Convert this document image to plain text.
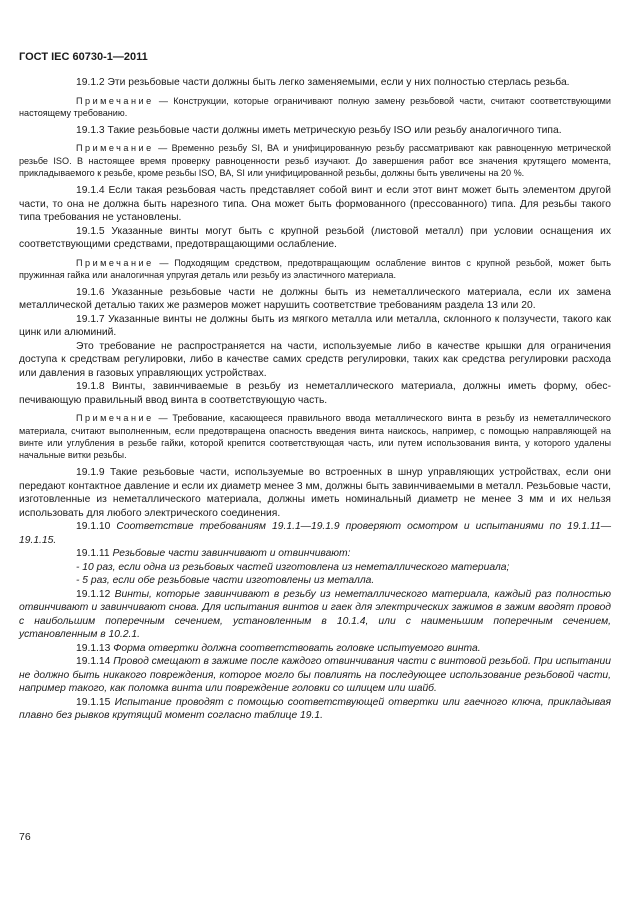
ГОСТ IEC 60730-1—2011

19.1.2 Эти резьбовые части должны быть легко заменяемыми, если у них полностью стерлась резьба.

Примечание — Конструкции, которые ограничивают полную замену резьбовой части, считают соответствующими настоящему требованию.

19.1.3 Такие резьбовые части должны иметь метрическую резьбу ISO или резьбу аналогичного типа.

Примечание — Временно резьбу SI, ВА и унифицированную резьбу рассматривают как равноценную метрической резьбе ISO. В настоящее время проверку равноценности резьб изучают. До завершения работ все значения крутящего момента, прикладываемого к резьбе, кроме резьбы ISO, ВА, SI или унифицированной резьбы, должны быть увеличены на 20 %.

19.1.4 Если такая резьбовая часть представляет собой винт и если этот винт может быть элементом другой части, то она не должна быть нарезного типа. Она может быть формованного (прессованного) типа. Для резьбы такого типа требования не установлены.

19.1.5 Указанные винты могут быть с крупной резьбой (листовой металл) при условии оснащения их соответствующими средствами, предотвращающими ослабление.

Примечание — Подходящим средством, предотвращающим ослабление винтов с крупной резьбой, может быть пружинная гайка или аналогичная упругая деталь или резьбу из эластичного материала.

19.1.6 Указанные резьбовые части не должны быть из неметаллического материала, если их замена металлической деталью таких же размеров может нарушить соответствие требованиям раздела 13 или 20.

19.1.7 Указанные винты не должны быть из мягкого металла или металла, склонного к ползучести, такого как цинк или алюминий.

Это требование не распространяется на части, используемые либо в качестве крышки для ограничения доступа к средствам регулировки, либо в качестве самих средств регулировки, таких как средства регулировки расхода или давления в газовых управляющих устройствах.

19.1.8 Винты, завинчиваемые в резьбу из неметаллического материала, должны иметь форму, обеспечивающую правильный ввод винта в соответствующую часть.

Примечание — Требование, касающееся правильного ввода металлического винта в резьбу из неметаллического материала, считают выполненным, если предотвращена опасность введения винта наискось, например, с помощью направляющей на винте или углубления в резьбе гайки, которой крепится соответствующая часть, или путем использования винта, у которого удалены начальные витки резьбы.

19.1.9 Такие резьбовые части, используемые во встроенных в шнур управляющих устройствах, если они передают контактное давление и если их диаметр менее 3 мм, должны быть завинчиваемыми в металл. Резьбовые части, изготовленные из неметаллического материала, должны иметь номинальный диаметр не менее 3 мм и их нельзя использовать для любого электрического соединения.

19.1.10 Соответствие требованиям 19.1.1—19.1.9 проверяют осмотром и испытаниями по 19.1.11—19.1.15.

19.1.11 Резьбовые части завинчивают и отвинчивают:

- 10 раз, если одна из резьбовых частей изготовлена из неметаллического материала;

- 5 раз, если обе резьбовые части изготовлены из металла.

19.1.12 Винты, которые завинчивают в резьбу из неметаллического материала, каждый раз полностью отвинчивают и завинчивают снова. Для испытания винтов и гаек для электрических зажимов в зажим вводят провод с наибольшим поперечным сечением, установленным в 10.1.4, или с наименьшим поперечным сечением, установленным в 10.2.1.

19.1.13 Форма отвертки должна соответствовать головке испытуемого винта.

19.1.14 Провод смещают в зажиме после каждого отвинчивания части с винтовой резьбой. При испытании не должно быть никакого повреждения, которое могло бы повлиять на последующее использование резьбовой части, например такого, как поломка винта или повреждение головки со шлицем или шайб.

19.1.15 Испытание проводят с помощью соответствующей отвертки или гаечного ключа, прикладывая плавно без рывков крутящий момент согласно таблице 19.1.

76
